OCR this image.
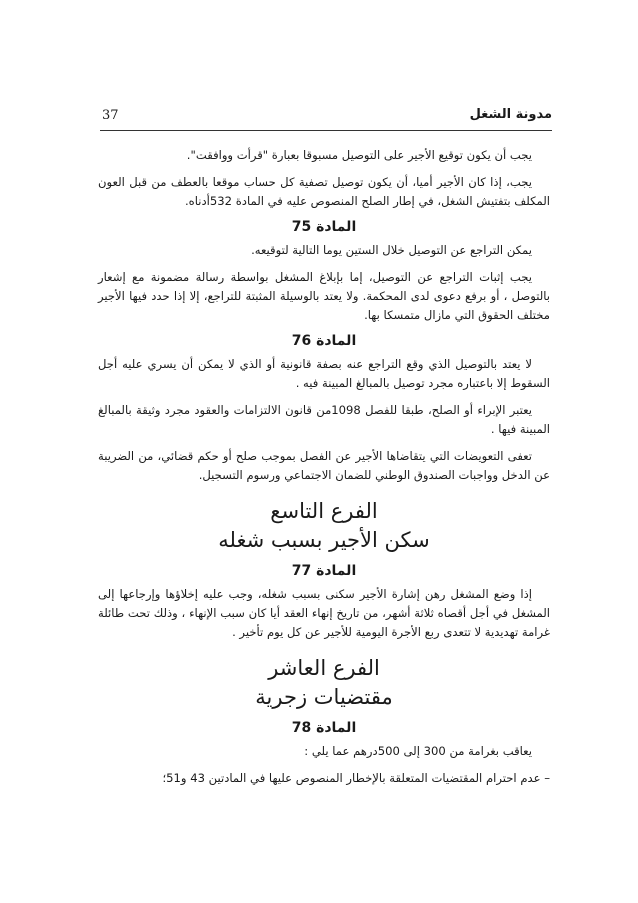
37	مدونة الشغل

يجب أن يكون توقيع الأجير على التوصيل مسبوقا بعبارة "قرأت ووافقت".

يجب، إذا كان الأجير أميا، أن يكون توصيل تصفية كل حساب موقعا بالعطف من قبل العون المكلف بتفتيش الشغل، في إطار الصلح المنصوص عليه في المادة 532أدناه.

المادة 75

يمكن التراجع عن التوصيل خلال الستين يوما التالية لتوقيعه.

يجب إثبات التراجع عن التوصيل، إما بإبلاغ المشغل بواسطة رسالة مضمونة مع إشعار بالتوصل ، أو برفع دعوى لدى المحكمة. ولا يعتد بالوسيلة المثبتة للتراجع، إلا إذا حدد فيها الأجير مختلف الحقوق التي مازال متمسكا بها.

المادة 76

لا يعتد بالتوصيل الذي وقع التراجع عنه بصفة قانونية أو الذي لا يمكن أن يسري عليه أجل السقوط إلا باعتباره مجرد توصيل بالمبالغ المبينة فيه .

يعتبر الإبراء أو الصلح، طبقا للفصل 1098من قانون الالتزامات والعقود مجرد وثيقة بالمبالغ المبينة فيها .

تعفى التعويضات التي يتقاضاها الأجير عن الفصل بموجب صلح أو حكم قضائي، من الضريبة عن الدخل وواجبات الصندوق الوطني للضمان الاجتماعي ورسوم التسجيل.

الفرع التاسع
سكن الأجير بسبب شغله
المادة 77

إذا وضع المشغل رهن إشارة الأجير سكنى بسبب شغله، وجب عليه إخلاؤها وإرجاعها إلى المشغل في أجل أقصاه ثلاثة أشهر، من تاريخ إنهاء العقد أيا كان سبب الإنهاء ، وذلك تحت طائلة غرامة تهديدية لا تتعدى ربع الأجرة اليومية للأجير عن كل يوم تأخير .

الفرع العاشر
مقتضيات زجرية
المادة 78

يعاقب بغرامة من 300 إلى 500درهم عما يلي :

– عدم احترام المقتضيات المتعلقة بالإخطار المنصوص عليها في المادتين 43 و51؛
